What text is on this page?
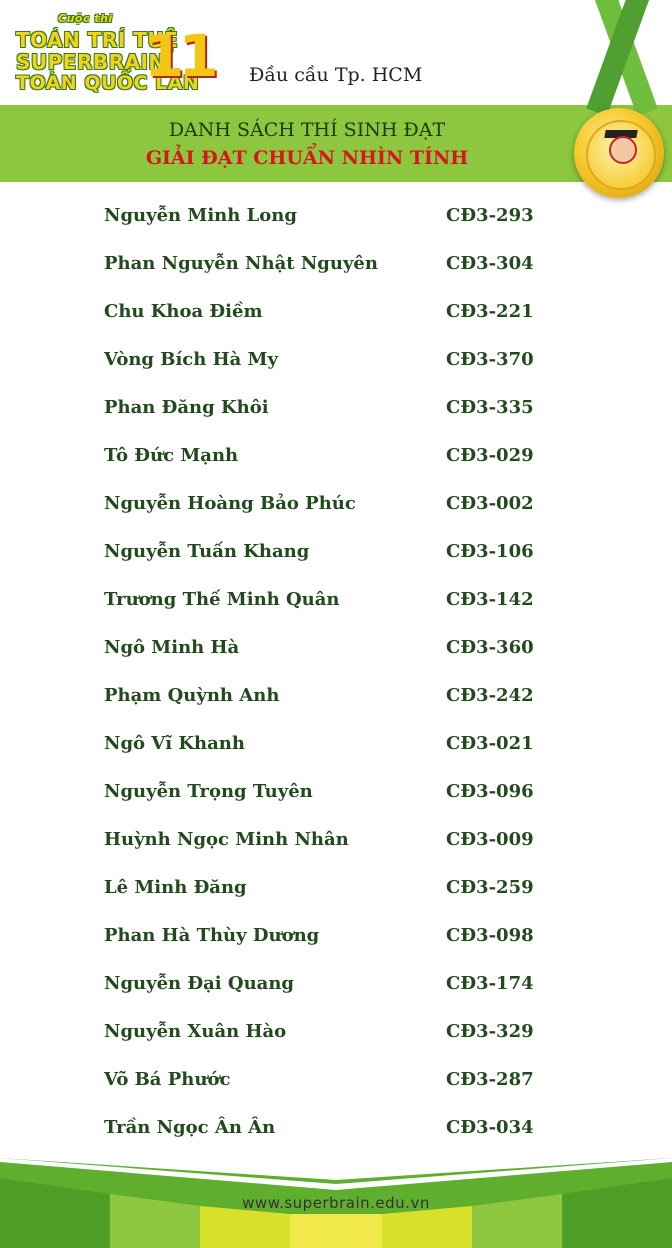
Cuộc thi
TOÁN TRÍ TUỆ
SUPERBRAIN
TOÀN QUỐC LẦN
11 Đầu cầu Tp. HCM
DANH SÁCH THÍ SINH ĐẠT
GIẢI ĐẠT CHUẨN NHÌN TÍNH
Nguyễn Minh Long	CĐ3-293
Phan Nguyễn Nhật Nguyên	CĐ3-304
Chu Khoa Điềm	CĐ3-221
Vòng Bích Hà My	CĐ3-370
Phan Đăng Khôi	CĐ3-335
Tô Đức Mạnh	CĐ3-029
Nguyễn Hoàng Bảo Phúc	CĐ3-002
Nguyễn Tuấn Khang	CĐ3-106
Trương Thế Minh Quân	CĐ3-142
Ngô Minh Hà	CĐ3-360
Phạm Quỳnh Anh	CĐ3-242
Ngô Vĩ Khanh	CĐ3-021
Nguyễn Trọng Tuyên	CĐ3-096
Huỳnh Ngọc Minh Nhân	CĐ3-009
Lê Minh Đăng	CĐ3-259
Phan Hà Thùy Dương	CĐ3-098
Nguyễn Đại Quang	CĐ3-174
Nguyễn Xuân Hào	CĐ3-329
Võ Bá Phước	CĐ3-287
Trần Ngọc Ân Ân	CĐ3-034
www.superbrain.edu.vn
